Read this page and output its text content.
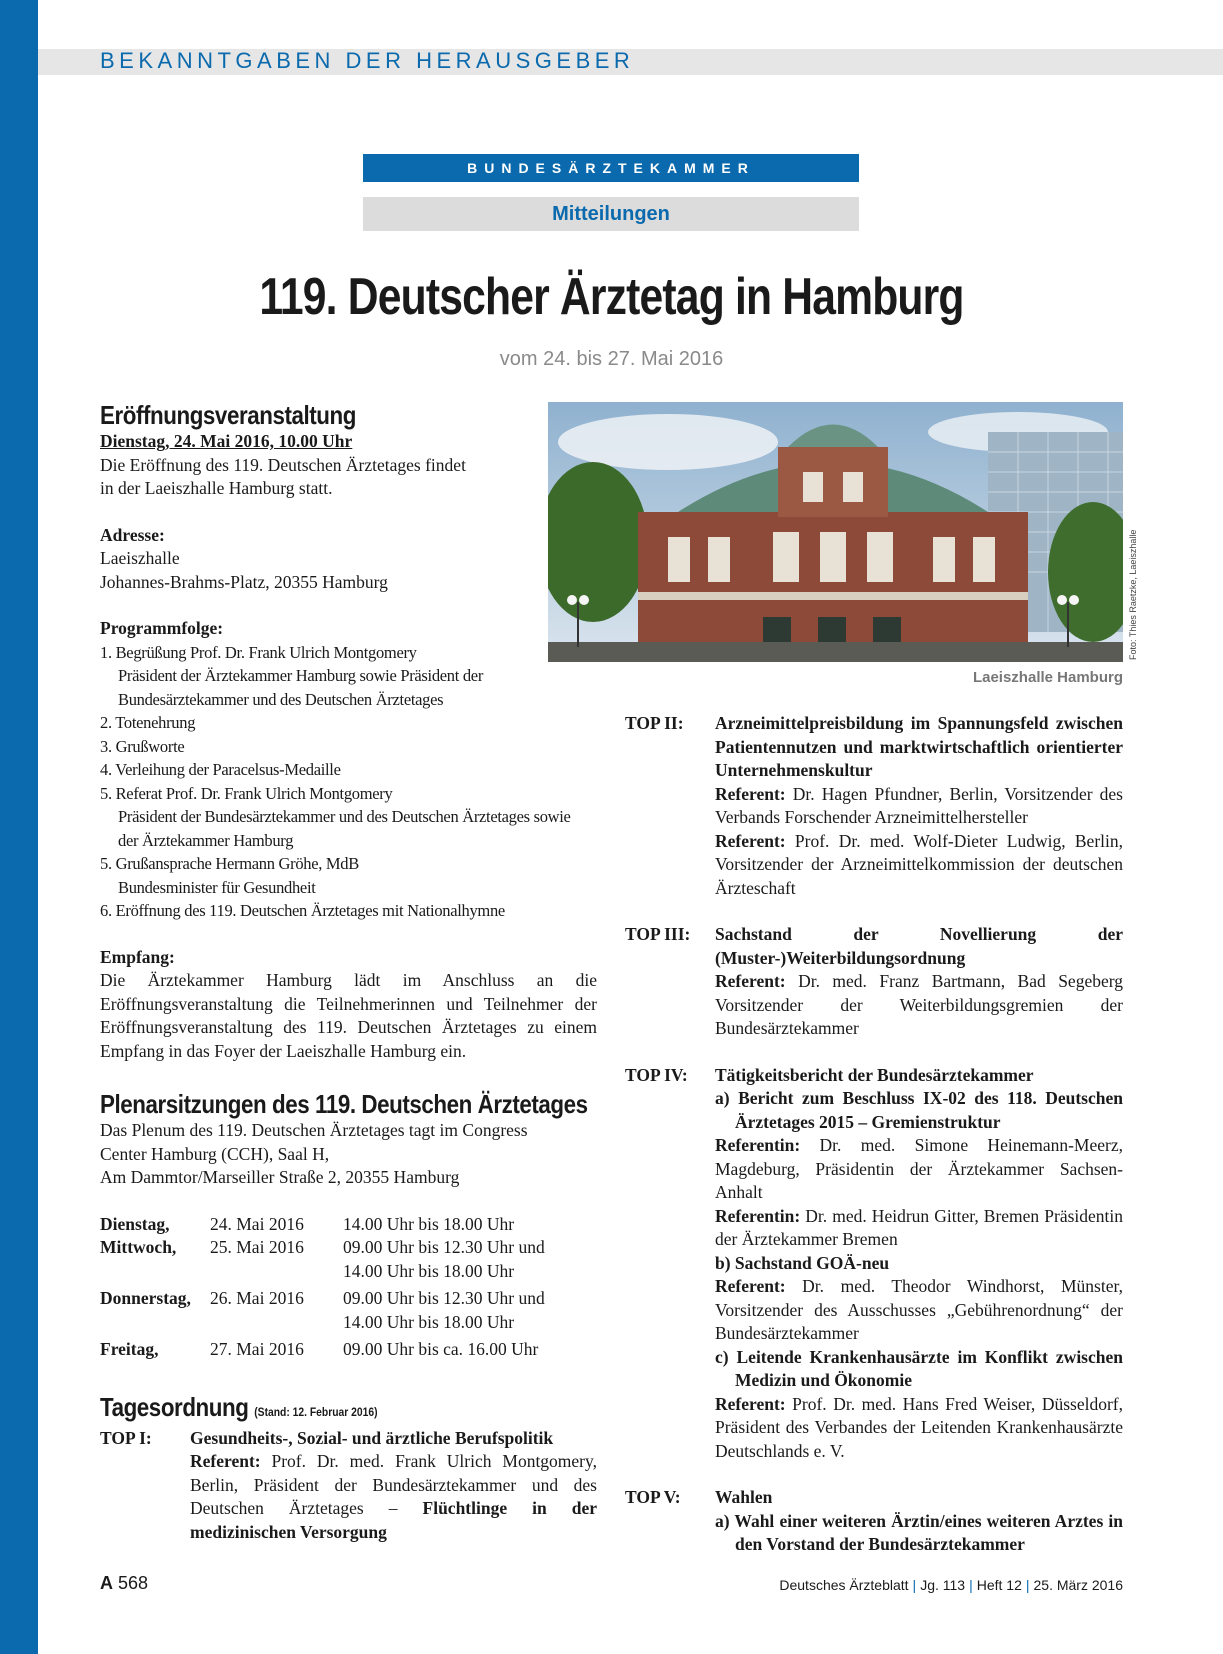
BEKANNTGABEN DER HERAUSGEBER
BUNDESÄRZTEKAMMER
Mitteilungen
119. Deutscher Ärztetag in Hamburg
vom 24. bis 27. Mai 2016
Eröffnungsveranstaltung
Dienstag, 24. Mai 2016, 10.00 Uhr
Die Eröffnung des 119. Deutschen Ärztetages findet in der Laeiszhalle Hamburg statt.
Adresse:
Laeiszhalle
Johannes-Brahms-Platz, 20355 Hamburg
Programmfolge:
1. Begrüßung Prof. Dr. Frank Ulrich Montgomery
Präsident der Ärztekammer Hamburg sowie Präsident der Bundesärztekammer und des Deutschen Ärztetages
2. Totenehrung
3. Grußworte
4. Verleihung der Paracelsus-Medaille
5. Referat Prof. Dr. Frank Ulrich Montgomery
Präsident der Bundesärztekammer und des Deutschen Ärztetages sowie der Ärztekammer Hamburg
5. Grußansprache Hermann Gröhe, MdB
Bundesminister für Gesundheit
6. Eröffnung des 119. Deutschen Ärztetages mit Nationalhymne
Empfang:
Die Ärztekammer Hamburg lädt im Anschluss an die Eröffnungsveranstaltung die Teilnehmerinnen und Teilnehmer der Eröffnungsveranstaltung des 119. Deutschen Ärztetages zu einem Empfang in das Foyer der Laeiszhalle Hamburg ein.
Plenarsitzungen des 119. Deutschen Ärztetages
Das Plenum des 119. Deutschen Ärztetages tagt im Congress
Center Hamburg (CCH), Saal H,
Am Dammtor/Marseiller Straße 2, 20355 Hamburg
Dienstag,	24. Mai 2016	14.00 Uhr bis 18.00 Uhr
Mittwoch,	25. Mai 2016	09.00 Uhr bis 12.30 Uhr und
14.00 Uhr bis 18.00 Uhr
Donnerstag,	26. Mai 2016	09.00 Uhr bis 12.30 Uhr und
14.00 Uhr bis 18.00 Uhr
Freitag,	27. Mai 2016	09.00 Uhr bis ca. 16.00 Uhr
Tagesordnung (Stand: 12. Februar 2016)
TOP I:	Gesundheits-, Sozial- und ärztliche Berufspolitik
Referent: Prof. Dr. med. Frank Ulrich Montgomery, Berlin, Präsident der Bundesärztekammer und des Deutschen Ärztetages – Flüchtlinge in der medizinischen Versorgung
Foto: Thies Raetzke, Laeiszhalle
Laeiszhalle Hamburg
TOP II:	Arzneimittelpreisbildung im Spannungsfeld zwischen Patientennutzen und marktwirtschaftlich orientierter Unternehmenskultur
Referent: Dr. Hagen Pfundner, Berlin, Vorsitzender des Verbands Forschender Arzneimittelhersteller
Referent: Prof. Dr. med. Wolf-Dieter Ludwig, Berlin, Vorsitzender der Arzneimittelkommission der deutschen Ärzteschaft
TOP III:	Sachstand der Novellierung der (Muster-)Weiterbildungsordnung
Referent: Dr. med. Franz Bartmann, Bad Segeberg Vorsitzender der Weiterbildungsgremien der Bundesärztekammer
TOP IV:	Tätigkeitsbericht der Bundesärztekammer
a) Bericht zum Beschluss IX-02 des 118. Deutschen Ärztetages 2015 – Gremienstruktur
Referentin: Dr. med. Simone Heinemann-Meerz, Magdeburg, Präsidentin der Ärztekammer Sachsen-Anhalt
Referentin: Dr. med. Heidrun Gitter, Bremen Präsidentin der Ärztekammer Bremen
b) Sachstand GOÄ-neu
Referent: Dr. med. Theodor Windhorst, Münster, Vorsitzender des Ausschusses „Gebührenordnung“ der Bundesärztekammer
c) Leitende Krankenhausärzte im Konflikt zwischen Medizin und Ökonomie
Referent: Prof. Dr. med. Hans Fred Weiser, Düsseldorf, Präsident des Verbandes der Leitenden Krankenhausärzte Deutschlands e. V.
TOP V:	Wahlen
a) Wahl einer weiteren Ärztin/eines weiteren Arztes in den Vorstand der Bundesärztekammer
A 568	Deutsches Ärzteblatt | Jg. 113 | Heft 12 | 25. März 2016
